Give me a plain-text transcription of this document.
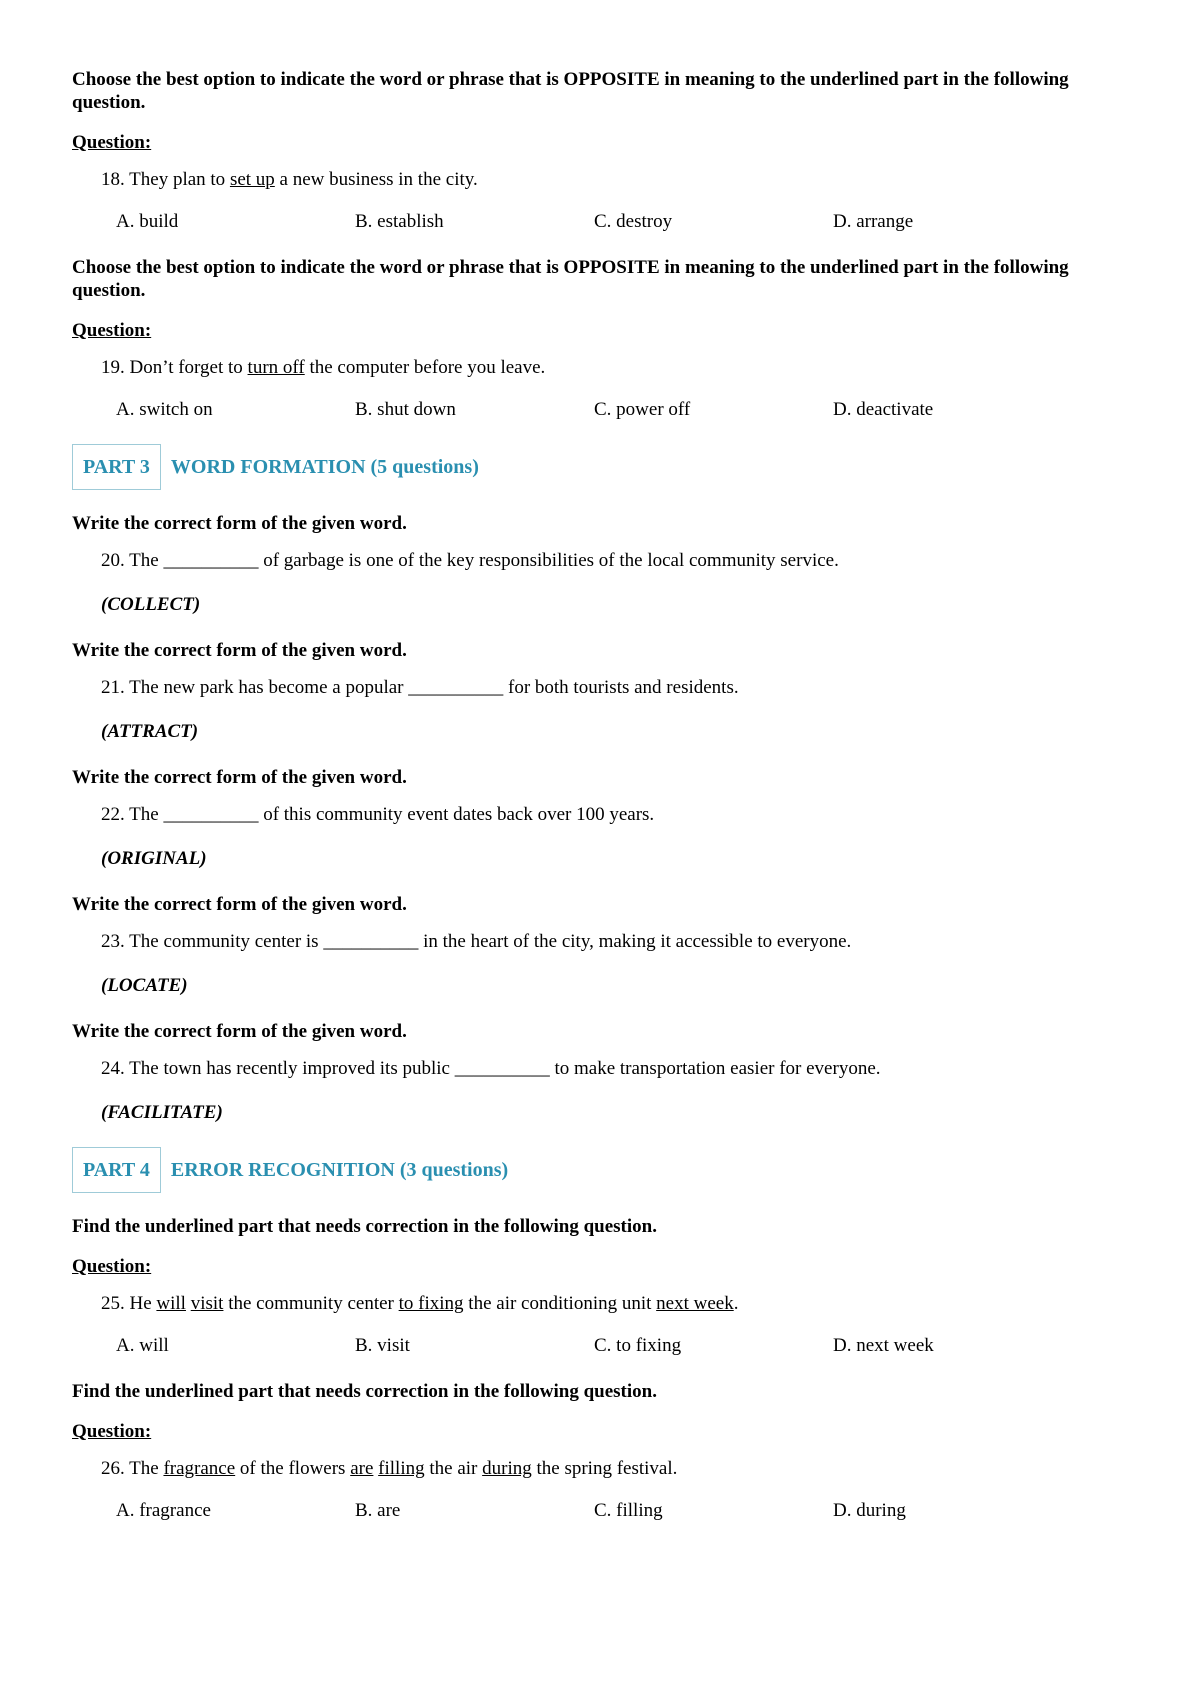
Choose the best option to indicate the word or phrase that is OPPOSITE in meaning to the underlined part in the following question.

Question:
18. They plan to set up a new business in the city.
A. build	B. establish	C. destroy	D. arrange

Choose the best option to indicate the word or phrase that is OPPOSITE in meaning to the underlined part in the following question.

Question:
19. Don’t forget to turn off the computer before you leave.
A. switch on	B. shut down	C. power off	D. deactivate
PART 3	WORD FORMATION (5 questions)

Write the correct form of the given word.

20. The __________ of garbage is one of the key responsibilities of the local community service.
(COLLECT)

Write the correct form of the given word.

21. The new park has become a popular __________ for both tourists and residents.
(ATTRACT)

Write the correct form of the given word.

22. The __________ of this community event dates back over 100 years.
(ORIGINAL)

Write the correct form of the given word.

23. The community center is __________ in the heart of the city, making it accessible to everyone.
(LOCATE)

Write the correct form of the given word.

24. The town has recently improved its public __________ to make transportation easier for everyone.
(FACILITATE)
PART 4	ERROR RECOGNITION (3 questions)

Find the underlined part that needs correction in the following question.

Question:
25. He will visit the community center to fixing the air conditioning unit next week.
A. will	B. visit	C. to fixing	D. next week

Find the underlined part that needs correction in the following question.

Question:
26. The fragrance of the flowers are filling the air during the spring festival.
A. fragrance	B. are	C. filling	D. during
